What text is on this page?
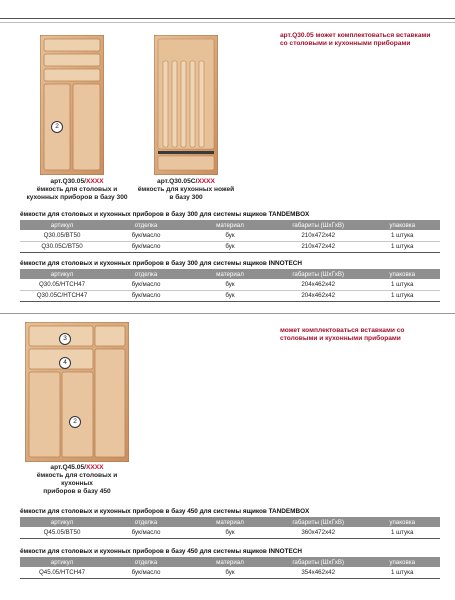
2
арт.Q30.05/XXXX
ёмкость для столовых и
кухонных приборов в базу 300
арт.Q30.05C/XXXX
ёмкость для кухонных ножей
в базу 300
арт.Q30.05 может комплектоваться вставками
со столовыми и кухонными приборами
ёмкости для столовых и кухонных приборов в базу 300 для системы ящиков TANDEMBOX
артикул	отделка	материал	габариты (ШхГхВ)	упаковка
Q30.05/BT50	бук/масло	бук	210х472х42	1 штука
Q30.05C/BT50	бук/масло	бук	210х472х42	1 штука
ёмкости для столовых и кухонных приборов в базу 300 для системы ящиков INNOTECH
артикул	отделка	материал	габариты (ШхГхВ)	упаковка
Q30.05/HTCH47	бук/масло	бук	204х462х42	1 штука
Q30.05C/HTCH47	бук/масло	бук	204х462х42	1 штука
3
4
2
арт.Q45.05/XXXX
ёмкость для столовых и кухонных
приборов в базу 450
может комплектоваться вставками со
столовыми и кухонными приборами
ёмкости для столовых и кухонных приборов в базу 450 для системы ящиков TANDEMBOX
артикул	отделка	материал	габариты (ШхГхВ)	упаковка
Q45.05/BT50	бук/масло	бук	360х472х42	1 штука
ёмкости для столовых и кухонных приборов в базу 450 для системы ящиков INNOTECH
артикул	отделка	материал	габариты (ШхГхВ)	упаковка
Q45.05/HTCH47	бук/масло	бук	354х462х42	1 штука
